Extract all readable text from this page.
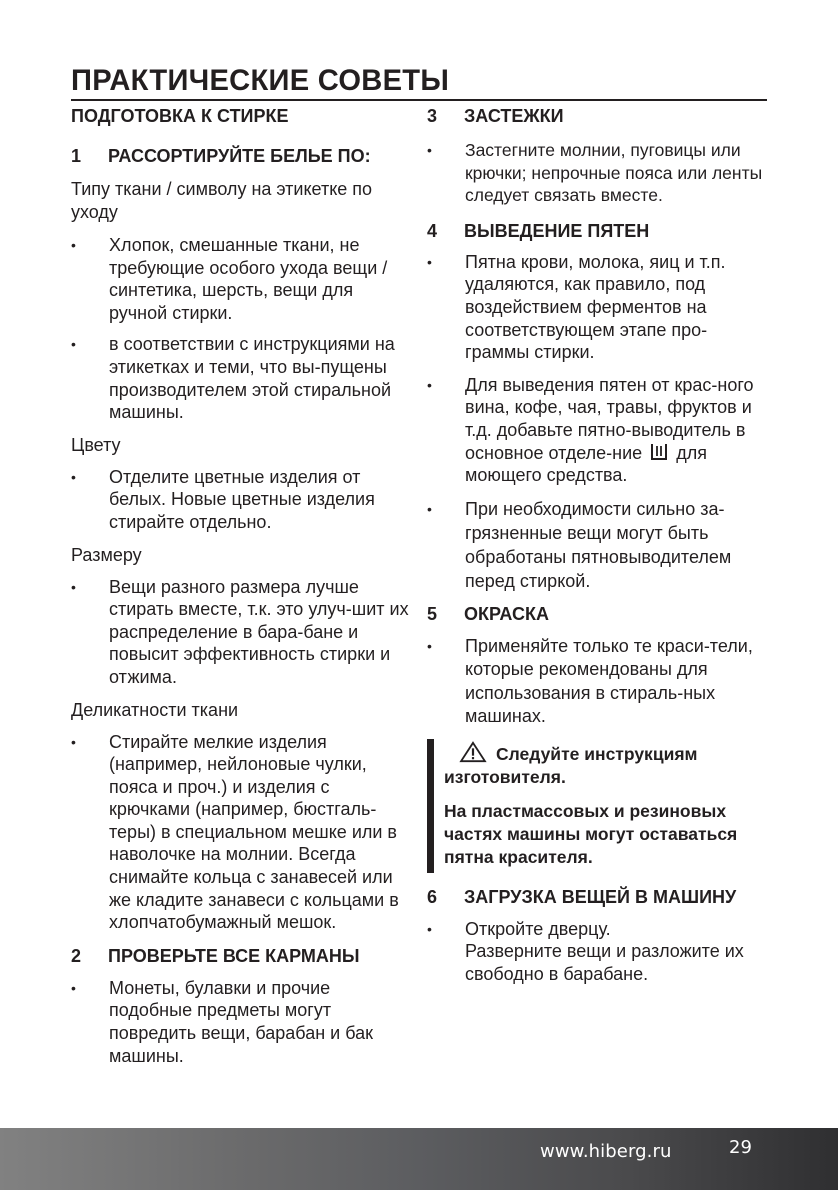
ПРАКТИЧЕСКИЕ СОВЕТЫ
ПОДГОТОВКА К СТИРКЕ
1 РАССОРТИРУЙТЕ БЕЛЬЕ ПО:
Типу ткани / символу на этикетке по уходу
• Хлопок, смешанные ткани, не требующие особого ухода вещи / синтетика, шерсть, вещи для ручной стирки.
• в соответствии с инструкциями на этикетках и теми, что вы-пущены производителем этой стиральной машины.
Цвету
• Отделите цветные изделия от белых. Новые цветные изделия стирайте отдельно.
Размеру
• Вещи разного размера лучше стирать вместе, т.к. это улуч-шит их распределение в бара-бане и повысит эффективность стирки и отжима.
Деликатности ткани
• Стирайте мелкие изделия (например, нейлоновые чулки, пояса и проч.) и изделия с крючками (например, бюстгаль-теры) в специальном мешке или в наволочке на молнии. Всегда снимайте кольца с занавесей или же кладите занавеси с кольцами в хлопчатобумажный мешок.
2 ПРОВЕРЬТЕ ВСЕ КАРМАНЫ
• Монеты, булавки и прочие подобные предметы могут повредить вещи, барабан и бак машины.
3 ЗАСТЕЖКИ
• Застегните молнии, пуговицы или крючки; непрочные пояса или ленты следует связать вместе.
4 ВЫВЕДЕНИЕ ПЯТЕН
• Пятна крови, молока, яиц и т.п. удаляются, как правило, под воздействием ферментов на соответствующем этапе про-граммы стирки.
• Для выведения пятен от крас-ного вина, кофе, чая, травы, фруктов и т.д. добавьте пятно-выводитель в основное отделе-ние для моющего средства.
• При необходимости сильно за-грязненные вещи могут быть обработаны пятновыводителем перед стиркой.
5 ОКРАСКА
• Применяйте только те краси-тели, которые рекомендованы для использования в стираль-ных машинах.
Следуйте инструкциям изготовителя.
На пластмассовых и резиновых частях машины могут оставаться пятна красителя.
6 ЗАГРУЗКА ВЕЩЕЙ В МАШИНУ
• Откройте дверцу.
Разверните вещи и разложите их свободно в барабане.
www.hiberg.ru	29
